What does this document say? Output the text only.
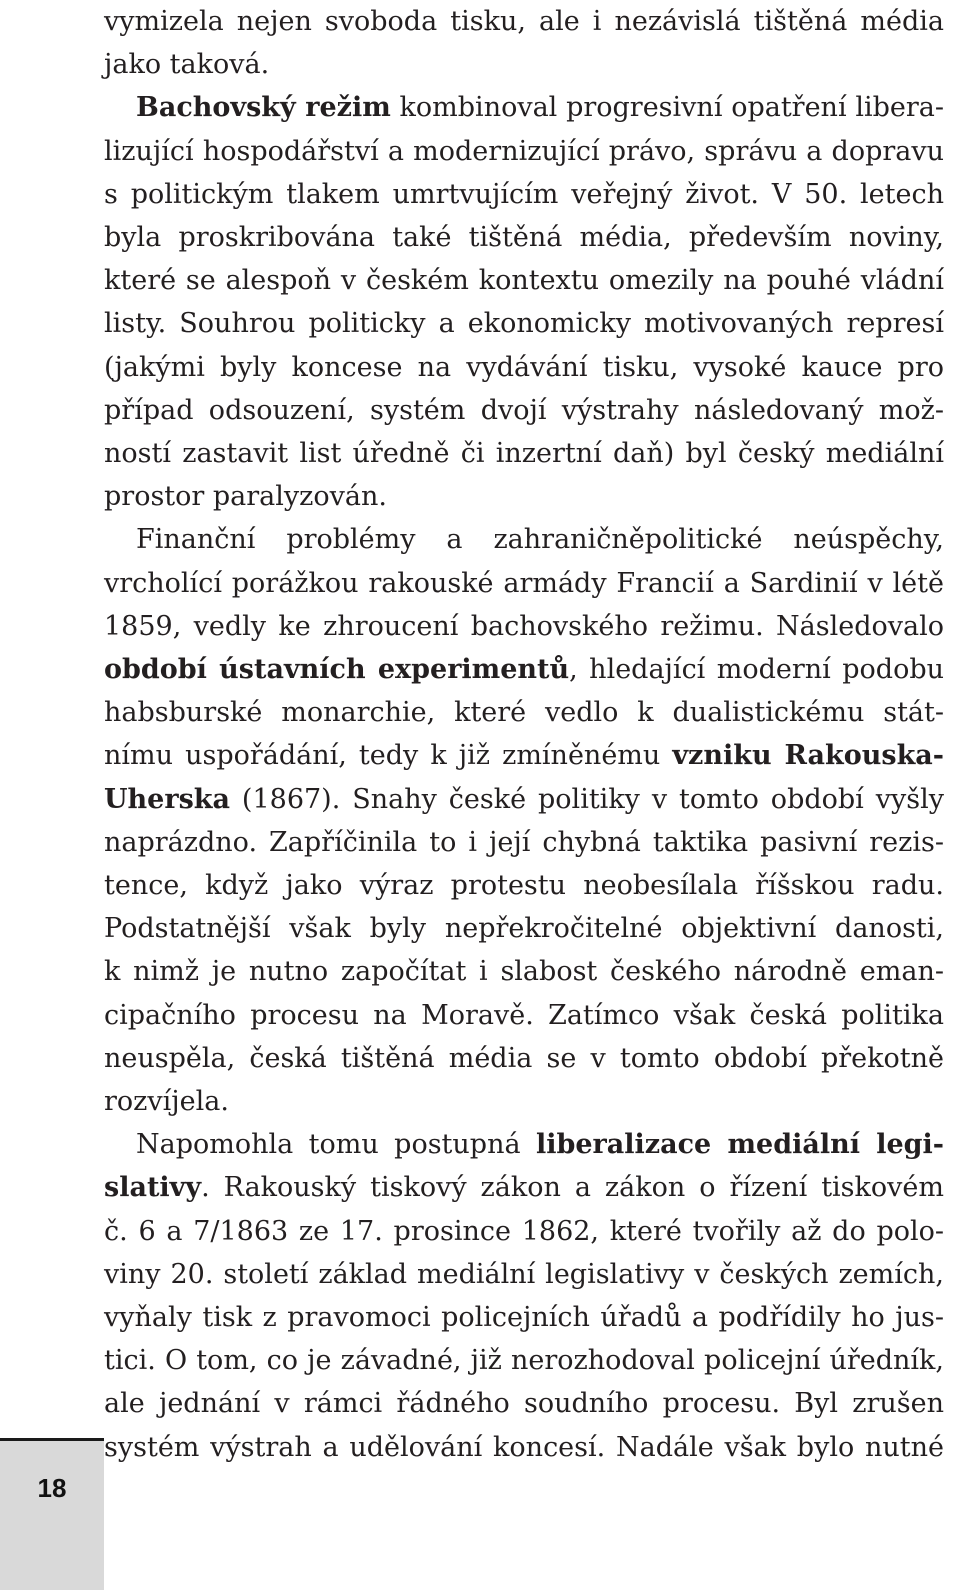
vymizela nejen svoboda tisku, ale i nezávislá tištěná média
jako taková.
Bachovský režim kombinoval progresivní opatření libera-
lizující hospodářství a modernizující právo, správu a dopravu
s politickým tlakem umrtvujícím veřejný život. V 50. letech
byla proskribována také tištěná média, především noviny,
které se alespoň v českém kontextu omezily na pouhé vládní
listy. Souhrou politicky a ekonomicky motivovaných represí
(jakými byly koncese na vydávání tisku, vysoké kauce pro
případ odsouzení, systém dvojí výstrahy následovaný mož-
ností zastavit list úředně či inzertní daň) byl český mediální
prostor paralyzován.
Finanční problémy a zahraničněpolitické neúspěchy,
vrcholící porážkou rakouské armády Francií a Sardinií v létě
1859, vedly ke zhroucení bachovského režimu. Následovalo
období ústavních experimentů, hledající moderní podobu
habsburské monarchie, které vedlo k dualistickému stát-
nímu uspořádání, tedy k již zmíněnému vzniku Rakouska-
Uherska (1867). Snahy české politiky v tomto období vyšly
naprázdno. Zapříčinila to i její chybná taktika pasivní rezis-
tence, když jako výraz protestu neobesílala říšskou radu.
Podstatnější však byly nepřekročitelné objektivní danosti,
k nimž je nutno započítat i slabost českého národně eman-
cipačního procesu na Moravě. Zatímco však česká politika
neuspěla, česká tištěná média se v tomto období překotně
rozvíjela.
Napomohla tomu postupná liberalizace mediální legi-
slativy. Rakouský tiskový zákon a zákon o řízení tiskovém
č. 6 a 7/1863 ze 17. prosince 1862, které tvořily až do polo-
viny 20. století základ mediální legislativy v českých zemích,
vyňaly tisk z pravomoci policejních úřadů a podřídily ho jus-
tici. O tom, co je závadné, již nerozhodoval policejní úředník,
ale jednání v rámci řádného soudního procesu. Byl zrušen
systém výstrah a udělování koncesí. Nadále však bylo nutné
18
